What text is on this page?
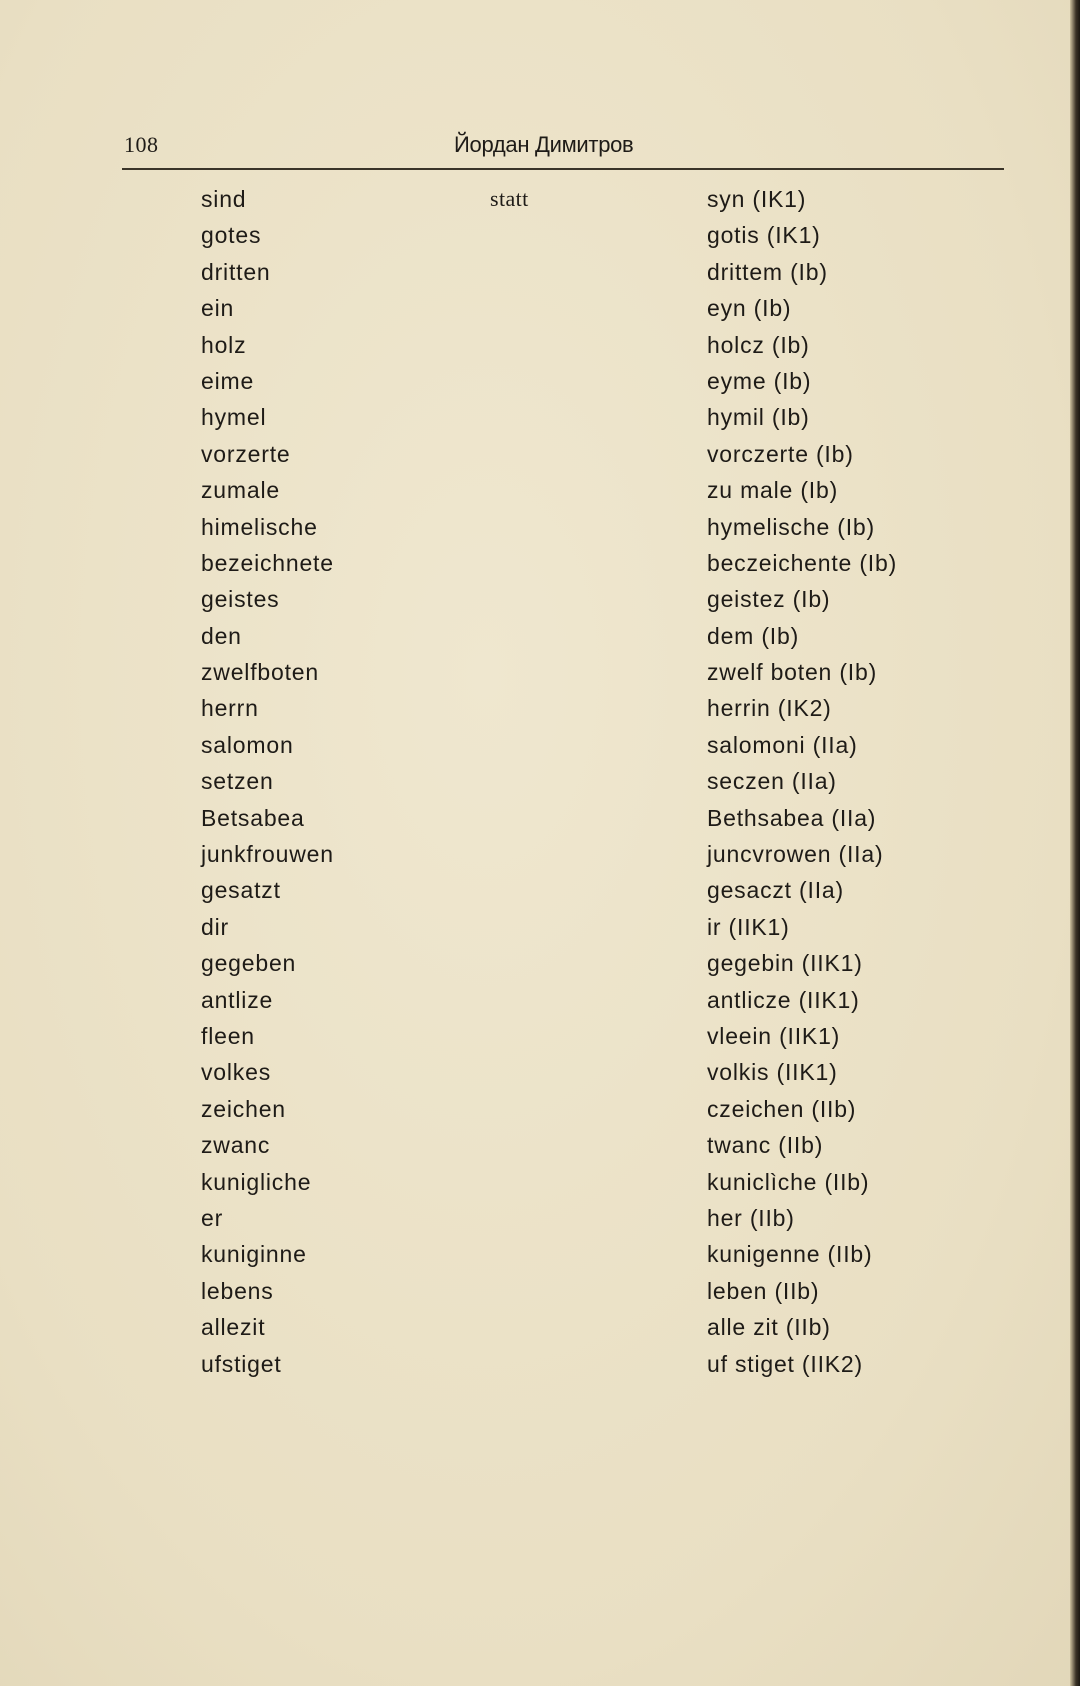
108	Йордан Димитров
sind	statt	syn (IK1)
gotes	gotis (IK1)
dritten	drittem (Ib)
ein	eyn (Ib)
holz	holcz (Ib)
eime	eyme (Ib)
hymel	hymil (Ib)
vorzerte	vorczerte (Ib)
zumale	zu male (Ib)
himelische	hymelische (Ib)
bezeichnete	beczeichente (Ib)
geistes	geistez (Ib)
den	dem (Ib)
zwelfboten	zwelf boten (Ib)
herrn	herrin (IK2)
salomon	salomoni (IIa)
setzen	seczen (IIa)
Betsabea	Bethsabea (IIa)
junkfrouwen	juncvrowen (IIa)
gesatzt	gesaczt (IIa)
dir	ir (IIK1)
gegeben	gegebin (IIK1)
antlize	antlicze (IIK1)
fleen	vleein (IIK1)
volkes	volkis (IIK1)
zeichen	czeichen (IIb)
zwanc	twanc (IIb)
kunigliche	kuniclìche (IIb)
er	her (IIb)
kuniginne	kunigenne (IIb)
lebens	leben (IIb)
allezit	alle zit (IIb)
ufstiget	uf stiget (IIK2)
